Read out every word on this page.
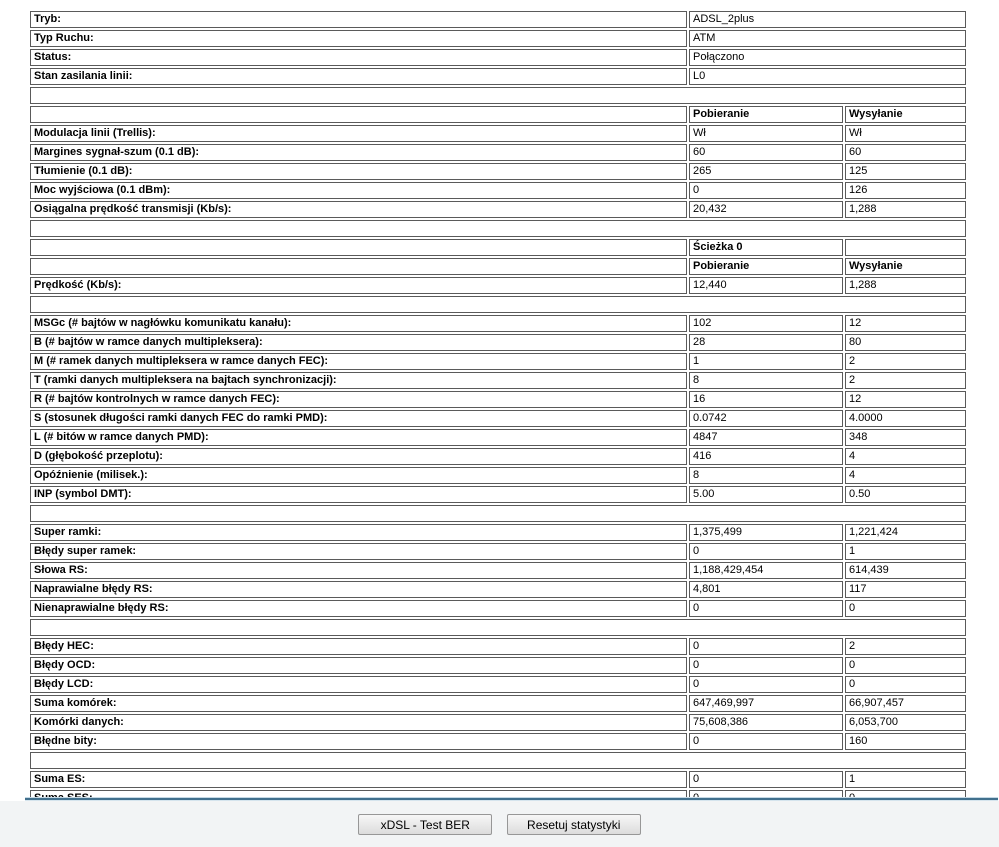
Tryb:	ADSL_2plus	
Typ Ruchu:	ATM	
Status:	Połączono	
Stan zasilania linii:	L0	

	Pobieranie	Wysyłanie
Modulacja linii (Trellis):	Wł	Wł
Margines sygnał-szum (0.1 dB):	60	60
Tłumienie (0.1 dB):	265	125
Moc wyjściowa (0.1 dBm):	0	126
Osiągalna prędkość transmisji (Kb/s):	20,432	1,288

	Ścieżka 0	
	Pobieranie	Wysyłanie
Prędkość (Kb/s):	12,440	1,288

MSGc (# bajtów w nagłówku komunikatu kanału):	102	12
B (# bajtów w ramce danych multipleksera):	28	80
M (# ramek danych multipleksera w ramce danych FEC):	1	2
T (ramki danych multipleksera na bajtach synchronizacji):	8	2
R (# bajtów kontrolnych w ramce danych FEC):	16	12
S (stosunek długości ramki danych FEC do ramki PMD):	0.0742	4.0000
L (# bitów w ramce danych PMD):	4847	348
D (głębokość przeplotu):	416	4
Opóźnienie (milisek.):	8	4
INP (symbol DMT):	5.00	0.50

Super ramki:	1,375,499	1,221,424
Błędy super ramek:	0	1
Słowa RS:	1,188,429,454	614,439
Naprawialne błędy RS:	4,801	117
Nienaprawialne błędy RS:	0	0

Błędy HEC:	0	2
Błędy OCD:	0	0
Błędy LCD:	0	0
Suma komórek:	647,469,997	66,907,457
Komórki danych:	75,608,386	6,053,700
Błędne bity:	0	160

Suma ES:	0	1

xDSL - Test BER	Resetuj statystyki
